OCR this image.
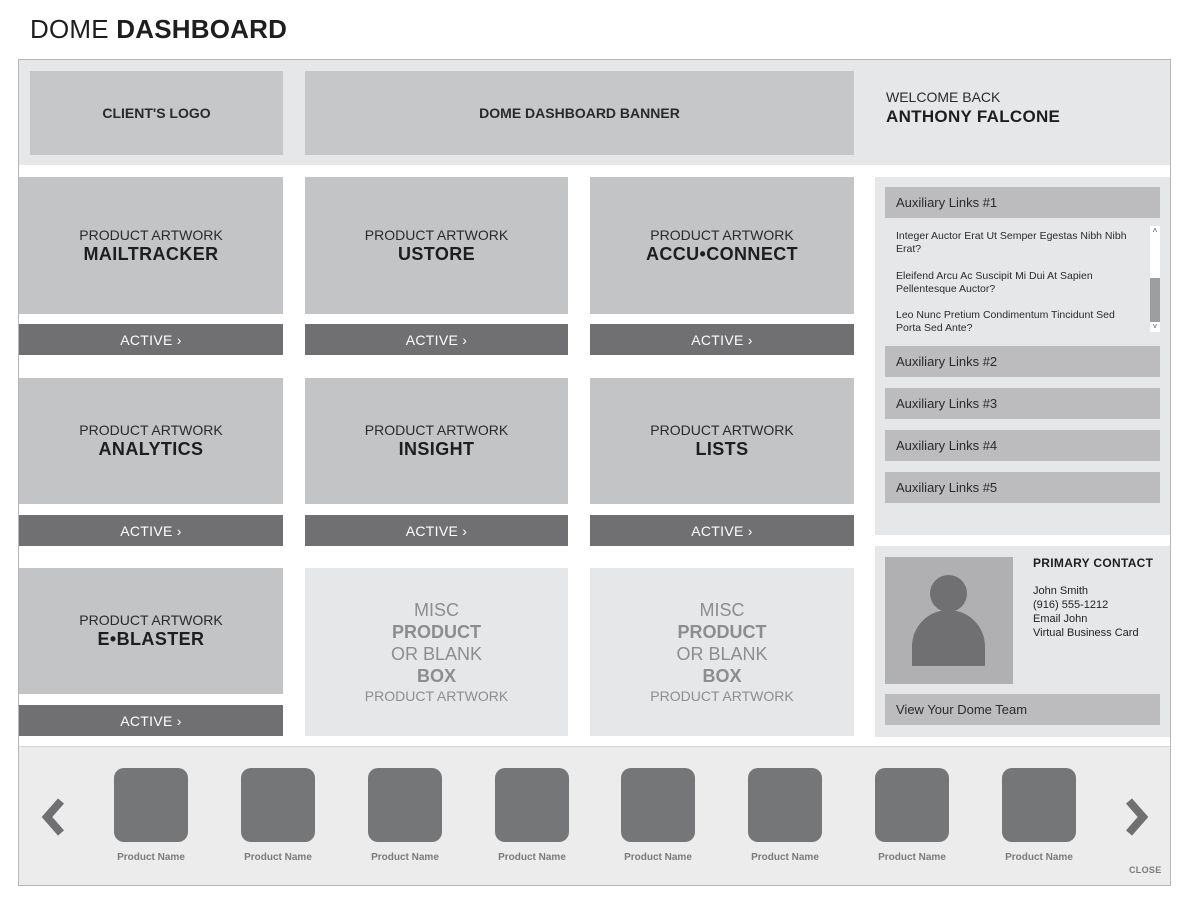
DOME DASHBOARD
CLIENT'S LOGO	DOME DASHBOARD BANNER
WELCOME BACK
ANTHONY FALCONE
PRODUCT ARTWORK
MAILTRACKER
ACTIVE ›
PRODUCT ARTWORK
USTORE
ACTIVE ›
PRODUCT ARTWORK
ACCU•CONNECT
ACTIVE ›
PRODUCT ARTWORK
ANALYTICS
ACTIVE ›
PRODUCT ARTWORK
INSIGHT
ACTIVE ›
PRODUCT ARTWORK
LISTS
ACTIVE ›
PRODUCT ARTWORK
E•BLASTER
ACTIVE ›
MISC
PRODUCT
OR BLANK
BOX
PRODUCT ARTWORK
MISC
PRODUCT
OR BLANK
BOX
PRODUCT ARTWORK
Auxiliary Links #1
Integer Auctor Erat Ut Semper Egestas Nibh Nibh Erat?
Eleifend Arcu Ac Suscipit Mi Dui At Sapien Pellentesque Auctor?
Leo Nunc Pretium Condimentum Tincidunt Sed Porta Sed Ante?
˄
˅
Auxiliary Links #2
Auxiliary Links #3
Auxiliary Links #4
Auxiliary Links #5
PRIMARY CONTACT
John Smith
(916) 555-1212
Email John
Virtual Business Card
View Your Dome Team
Product Name	Product Name	Product Name	Product Name	Product Name	Product Name	Product Name	Product Name
CLOSE
